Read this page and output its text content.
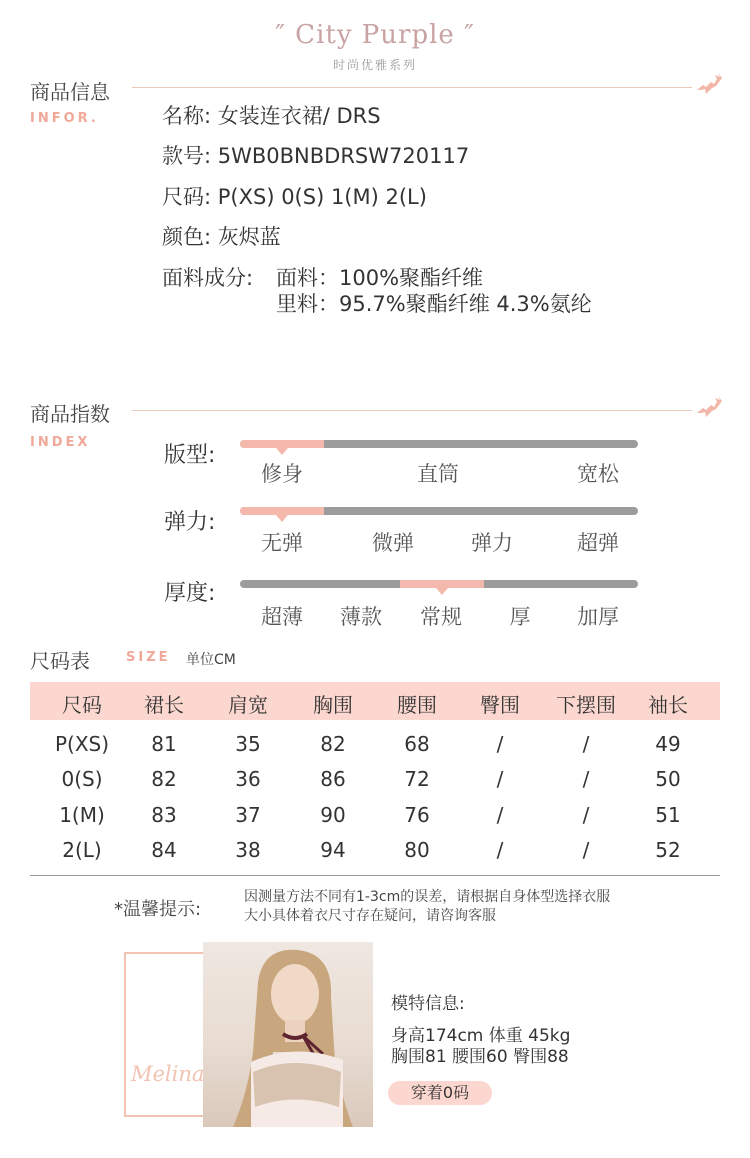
″ City Purple ″
时尚优雅系列
商品信息
INFOR.	名称: 女装连衣裙/ DRS
款号: 5WB0BNBDRSW720117
尺码: P(XS) 0(S) 1(M) 2(L)
颜色: 灰烬蓝
面料成分: 面料：100%聚酯纤维
里料：95.7%聚酯纤维 4.3%氨纶
商品指数
INDEX
版型:
修身	直筒	宽松
弹力:
无弹	微弹	弹力	超弹
厚度:
超薄	薄款	常规	厚	加厚
尺码表	SIZE 单位CM
尺码	裙长	肩宽	胸围	腰围	臀围	下摆围	袖长
P(XS)	81	35	82	68	/	/	49
0(S)	82	36	86	72	/	/	50
1(M)	83	37	90	76	/	/	51
2(L)	84	38	94	80	/	/	52
*温馨提示:
因测量方法不同有1-3cm的误差，请根据自身体型选择衣服
大小具体着衣尺寸存在疑问，请咨询客服
Melina
模特信息:
身高174cm 体重 45kg
胸围81 腰围60 臀围88
穿着0码
